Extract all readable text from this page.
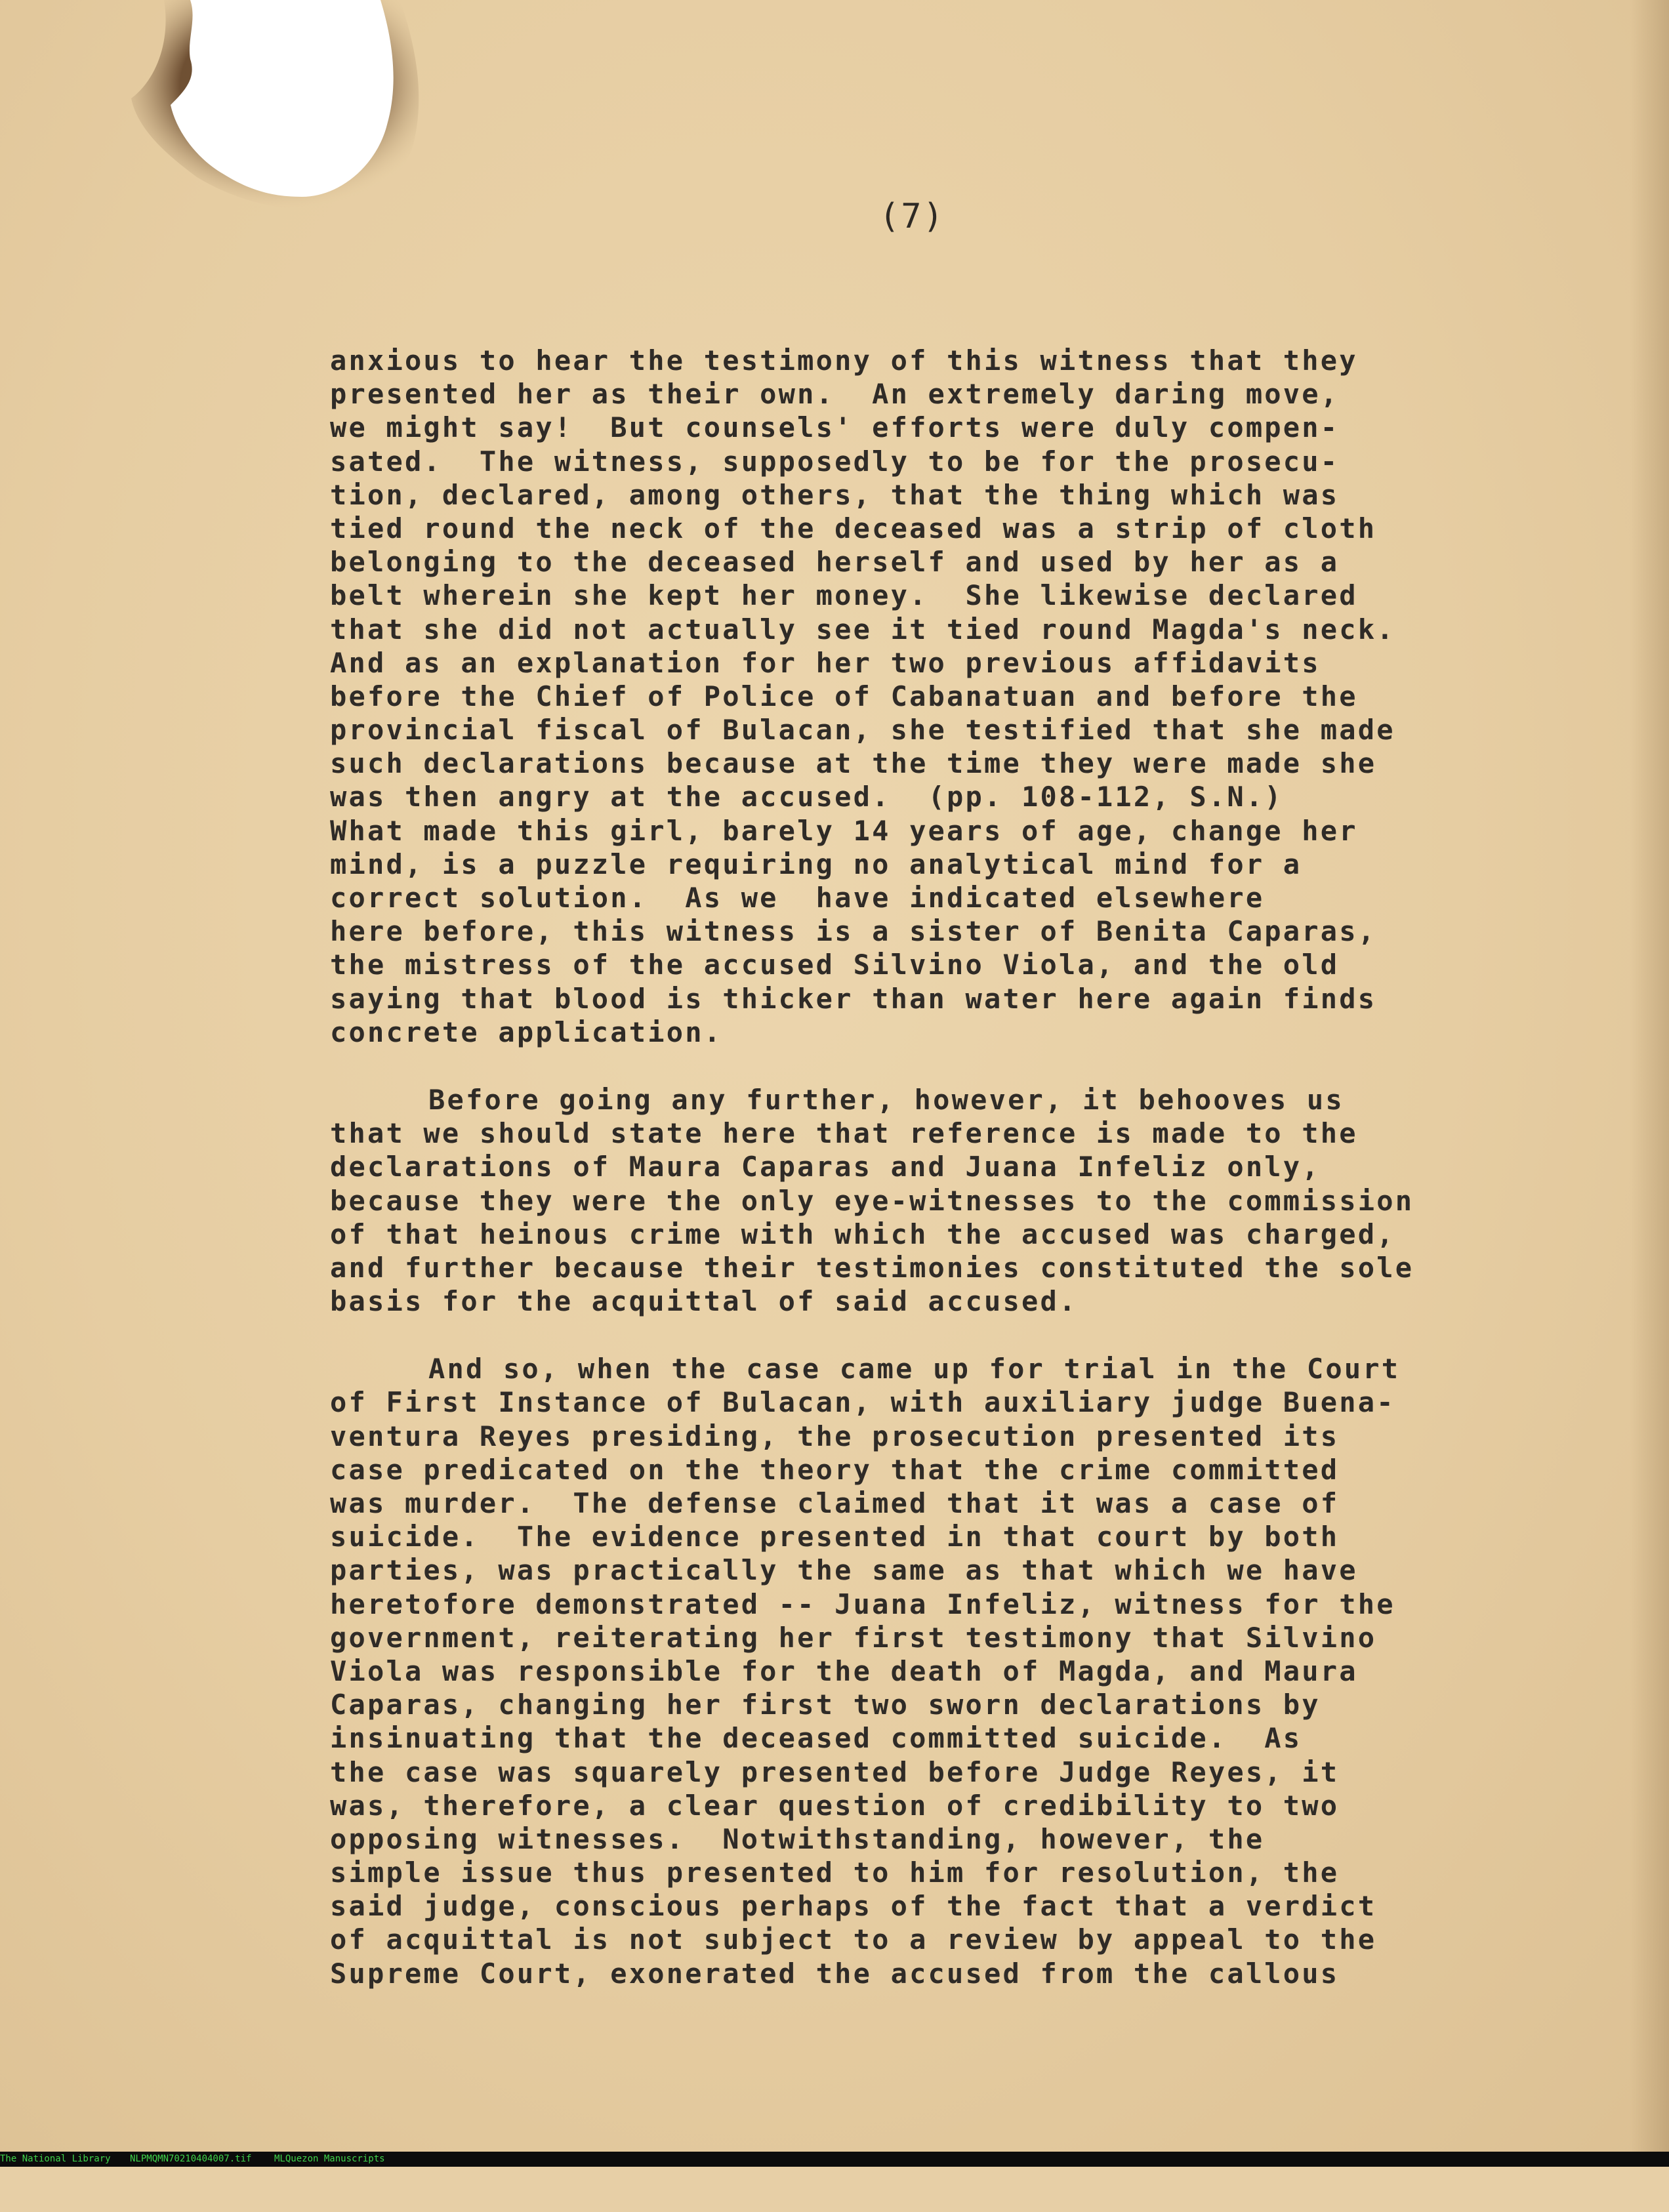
(7)
anxious to hear the testimony of this witness that they
presented her as their own.  An extremely daring move,
we might say!  But counsels' efforts were duly compen-
sated.  The witness, supposedly to be for the prosecu-
tion, declared, among others, that the thing which was
tied round the neck of the deceased was a strip of cloth
belonging to the deceased herself and used by her as a
belt wherein she kept her money.  She likewise declared
that she did not actually see it tied round Magda's neck.
And as an explanation for her two previous affidavits
before the Chief of Police of Cabanatuan and before the
provincial fiscal of Bulacan, she testified that she made
such declarations because at the time they were made she
was then angry at the accused.  (pp. 108-112, S.N.)
What made this girl, barely 14 years of age, change her
mind, is a puzzle requiring no analytical mind for a
correct solution.  As we  have indicated elsewhere
here before, this witness is a sister of Benita Caparas,
the mistress of the accused Silvino Viola, and the old
saying that blood is thicker than water here again finds
concrete application.
Before going any further, however, it behooves us
that we should state here that reference is made to the
declarations of Maura Caparas and Juana Infeliz only,
because they were the only eye-witnesses to the commission
of that heinous crime with which the accused was charged,
and further because their testimonies constituted the sole
basis for the acquittal of said accused.
And so, when the case came up for trial in the Court
of First Instance of Bulacan, with auxiliary judge Buena-
ventura Reyes presiding, the prosecution presented its
case predicated on the theory that the crime committed
was murder.  The defense claimed that it was a case of
suicide.  The evidence presented in that court by both
parties, was practically the same as that which we have
heretofore demonstrated -- Juana Infeliz, witness for the
government, reiterating her first testimony that Silvino
Viola was responsible for the death of Magda, and Maura
Caparas, changing her first two sworn declarations by
insinuating that the deceased committed suicide.  As
the case was squarely presented before Judge Reyes, it
was, therefore, a clear question of credibility to two
opposing witnesses.  Notwithstanding, however, the
simple issue thus presented to him for resolution, the
said judge, conscious perhaps of the fact that a verdict
of acquittal is not subject to a review by appeal to the
Supreme Court, exonerated the accused from the callous

The National Library

NLPMQMN70210404007.tif

MLQuezon Manuscripts
